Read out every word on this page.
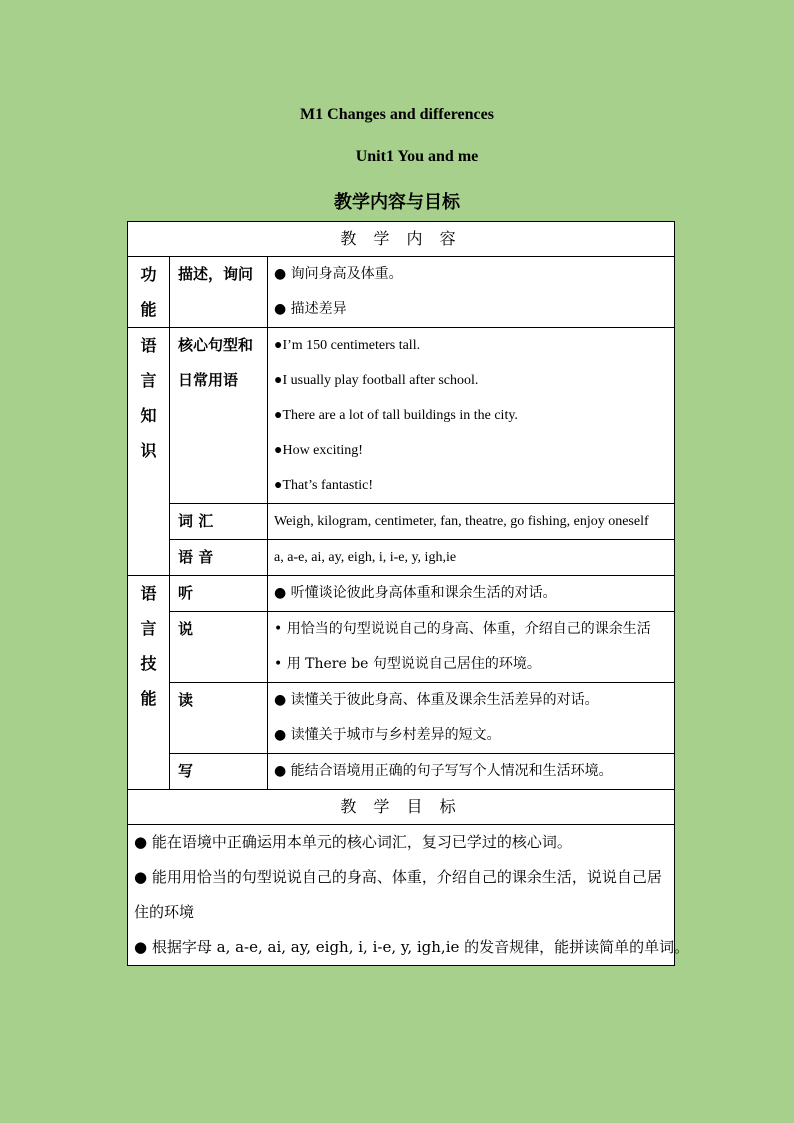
M1 Changes and differences
Unit1 You and me
教学内容与目标
教 学 内 容		

功
能	描述，询问	● 询问身高及体重。
● 描述差异

语
言
知
识	核心句型和
日常用语	●I’m 150 centimeters tall.
●I usually play football after school.
●There are a lot of tall buildings in the city.
●How exciting!
●That’s fantastic!

	词 汇	Weigh, kilogram, centimeter, fan, theatre, go fishing, enjoy oneself
	语 音	a, a-e, ai, ay, eigh, i, i-e, y, igh,ie

语
言
技
能	听	● 听懂谈论彼此身高体重和课余生活的对话。

	说	• 用恰当的句型说说自己的身高、体重，介绍自己的课余生活
• 用 There be 句型说说自己居住的环境。

	读	● 读懂关于彼此身高、体重及课余生活差异的对话。
● 读懂关于城市与乡村差异的短文。

	写	● 能结合语境用正确的句子写写个人情况和生活环境。

教 学 目 标		

● 能在语境中正确运用本单元的核心词汇，复习已学过的核心词。
● 能用用恰当的句型说说自己的身高、体重，介绍自己的课余生活，说说自己居住的环境
● 根据字母 a, a-e, ai, ay, eigh, i, i-e, y, igh,ie 的发音规律，能拼读简单的单词。		
